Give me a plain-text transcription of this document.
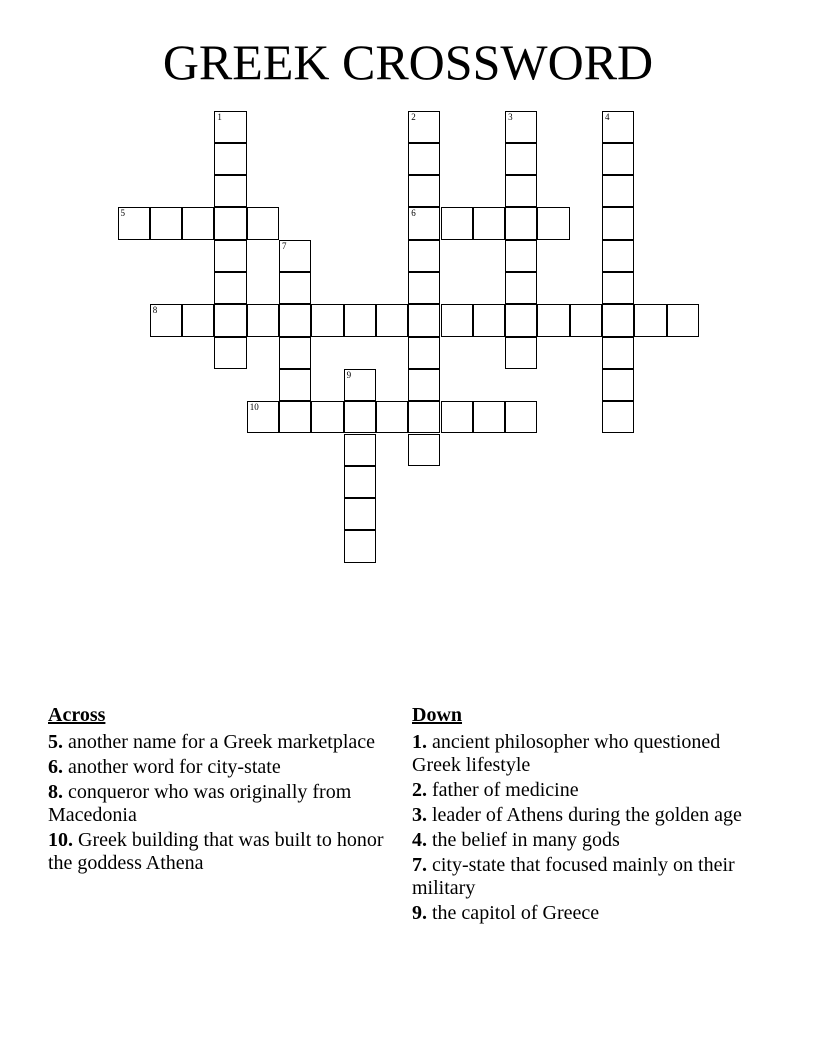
GREEK CROSSWORD
1	2
6
3	4
5
7
8
9
10
Across
5. another name for a Greek marketplace
6. another word for city-state
8. conqueror who was originally from Macedonia
10. Greek building that was built to honor the goddess Athena
Down
1. ancient philosopher who questioned Greek lifestyle
2. father of medicine
3. leader of Athens during the golden age
4. the belief in many gods
7. city-state that focused mainly on their military
9. the capitol of Greece
